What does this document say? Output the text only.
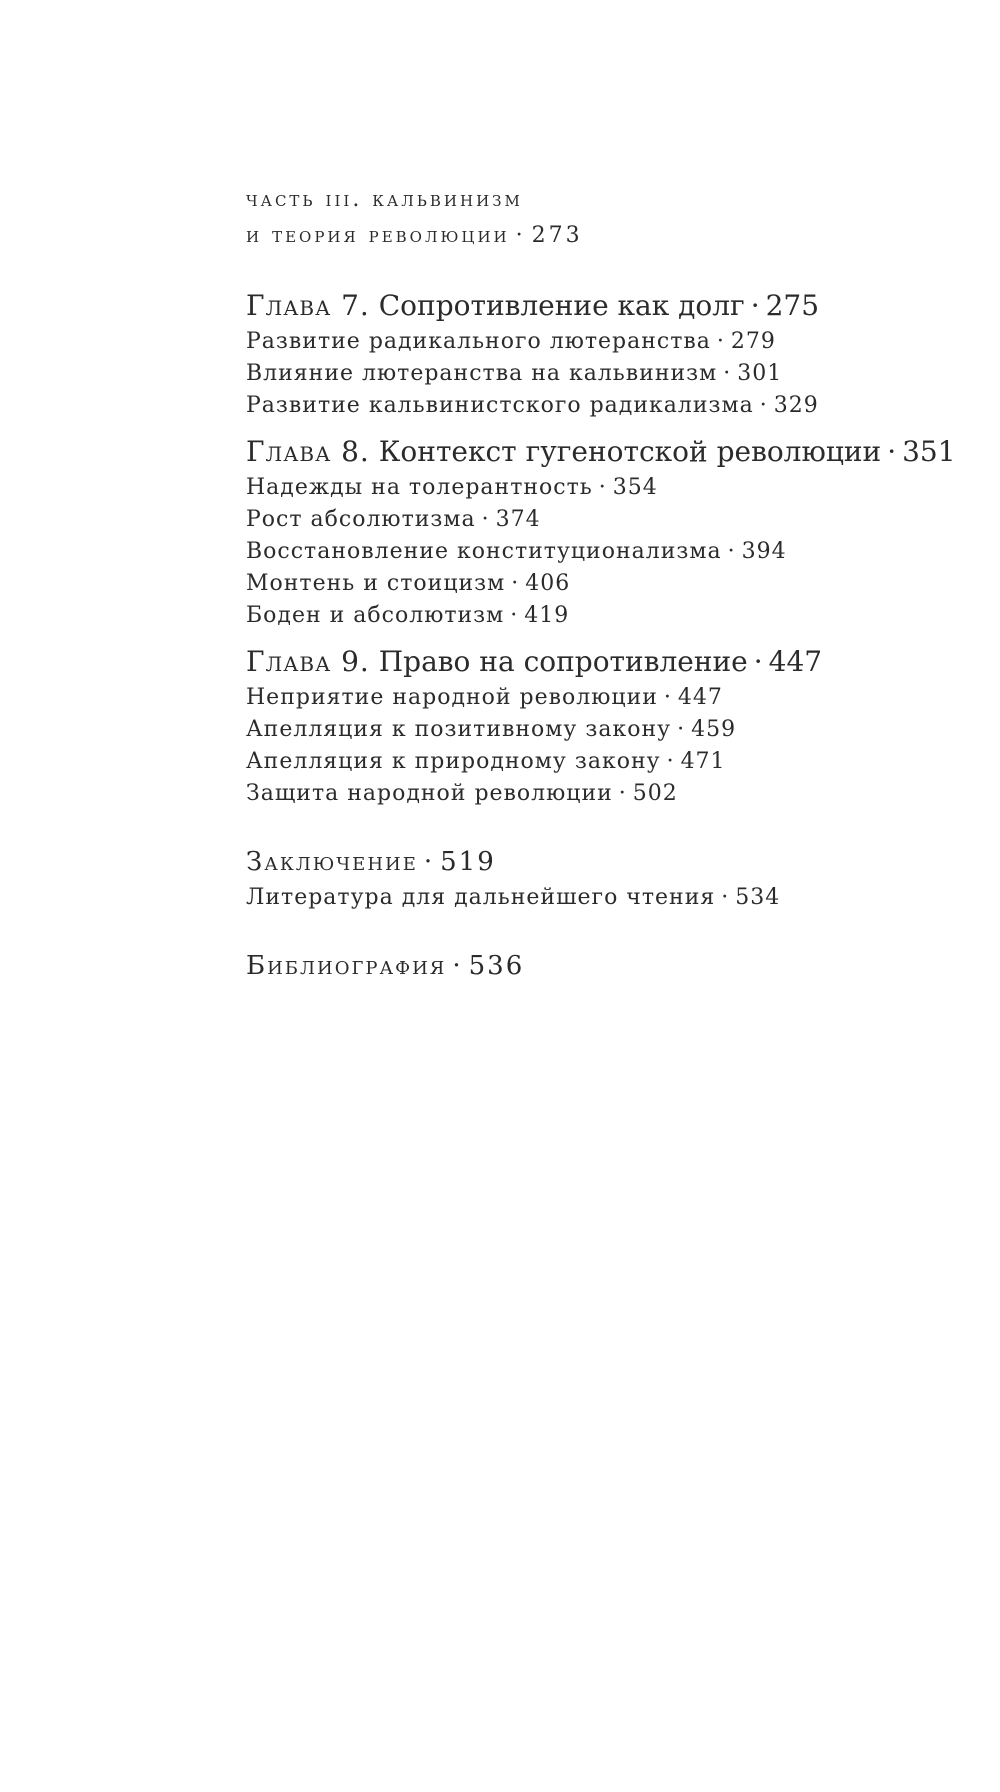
часть iii. кальвинизм
и теория революции · 273
Глава 7. Сопротивление как долг · 275
Развитие радикального лютеранства · 279
Влияние лютеранства на кальвинизм · 301
Развитие кальвинистского радикализма · 329
Глава 8. Контекст гугенотской революции · 351
Надежды на толерантность · 354
Рост абсолютизма · 374
Восстановление конституционализма · 394
Монтень и стоицизм · 406
Боден и абсолютизм · 419
Глава 9. Право на сопротивление · 447
Неприятие народной революции · 447
Апелляция к позитивному закону · 459
Апелляция к природному закону · 471
Защита народной революции · 502
Заключение · 519
Литература для дальнейшего чтения · 534
Библиография · 536
